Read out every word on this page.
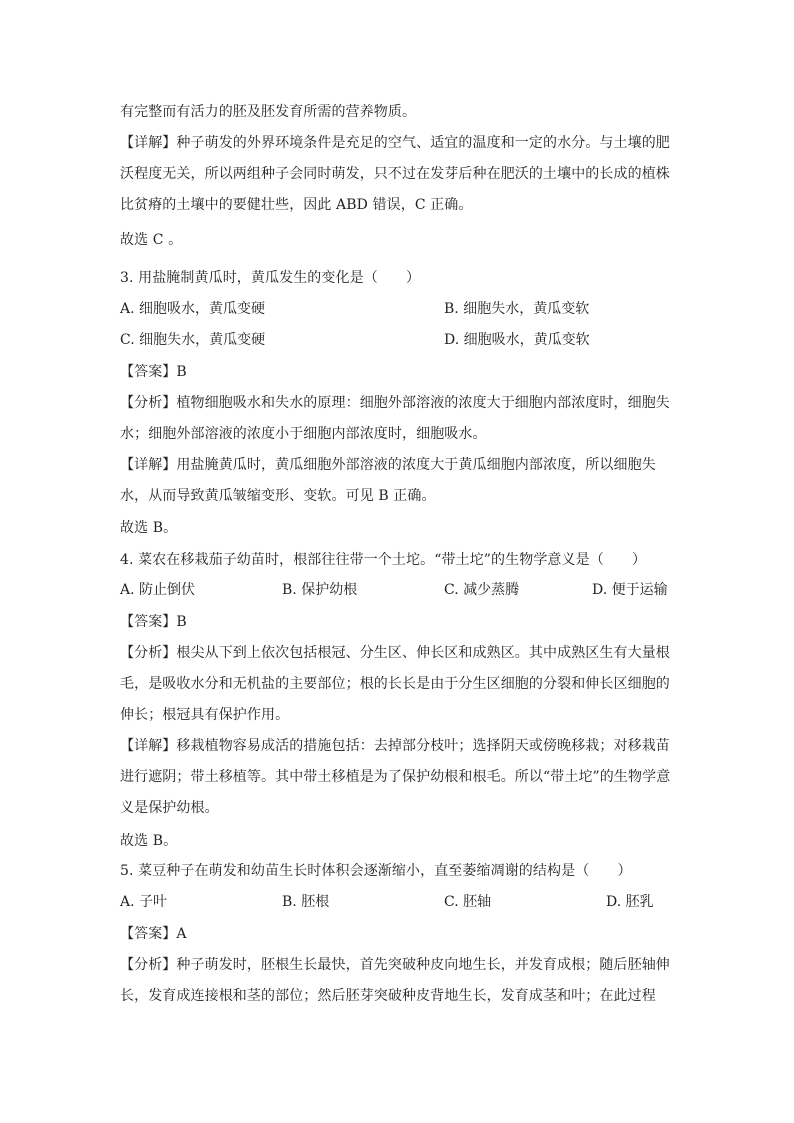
有完整而有活力的胚及胚发育所需的营养物质。
【详解】种子萌发的外界环境条件是充足的空气、适宜的温度和一定的水分。与土壤的肥
沃程度无关，所以两组种子会同时萌发，只不过在发芽后种在肥沃的土壤中的长成的植株
比贫瘠的土壤中的要健壮些，因此 ABD 错误，C 正确。
故选 C 。
3. 用盐腌制黄瓜时，黄瓜发生的变化是（　　）
A. 细胞吸水，黄瓜变硬	B. 细胞失水，黄瓜变软
C. 细胞失水，黄瓜变硬	D. 细胞吸水，黄瓜变软
【答案】B
【分析】植物细胞吸水和失水的原理：细胞外部溶液的浓度大于细胞内部浓度时，细胞失
水；细胞外部溶液的浓度小于细胞内部浓度时，细胞吸水。
【详解】用盐腌黄瓜时，黄瓜细胞外部溶液的浓度大于黄瓜细胞内部浓度，所以细胞失
水，从而导致黄瓜皱缩变形、变软。可见 B 正确。
故选 B。
4. 菜农在移栽茄子幼苗时，根部往往带一个土坨。“带土坨”的生物学意义是（　　）
A. 防止倒伏	B. 保护幼根	C. 减少蒸腾	D. 便于运输
【答案】B
【分析】根尖从下到上依次包括根冠、分生区、伸长区和成熟区。其中成熟区生有大量根
毛，是吸收水分和无机盐的主要部位；根的长长是由于分生区细胞的分裂和伸长区细胞的
伸长；根冠具有保护作用。
【详解】移栽植物容易成活的措施包括：去掉部分枝叶；选择阴天或傍晚移栽；对移栽苗
进行遮阴；带土移植等。其中带土移植是为了保护幼根和根毛。所以“带土坨”的生物学意
义是保护幼根。
故选 B。
5. 菜豆种子在萌发和幼苗生长时体积会逐渐缩小，直至萎缩凋谢的结构是（　　）
A. 子叶	B. 胚根	C. 胚轴	D. 胚乳
【答案】A
【分析】种子萌发时，胚根生长最快，首先突破种皮向地生长，并发育成根；随后胚轴伸
长，发育成连接根和茎的部位；然后胚芽突破种皮背地生长，发育成茎和叶；在此过程
